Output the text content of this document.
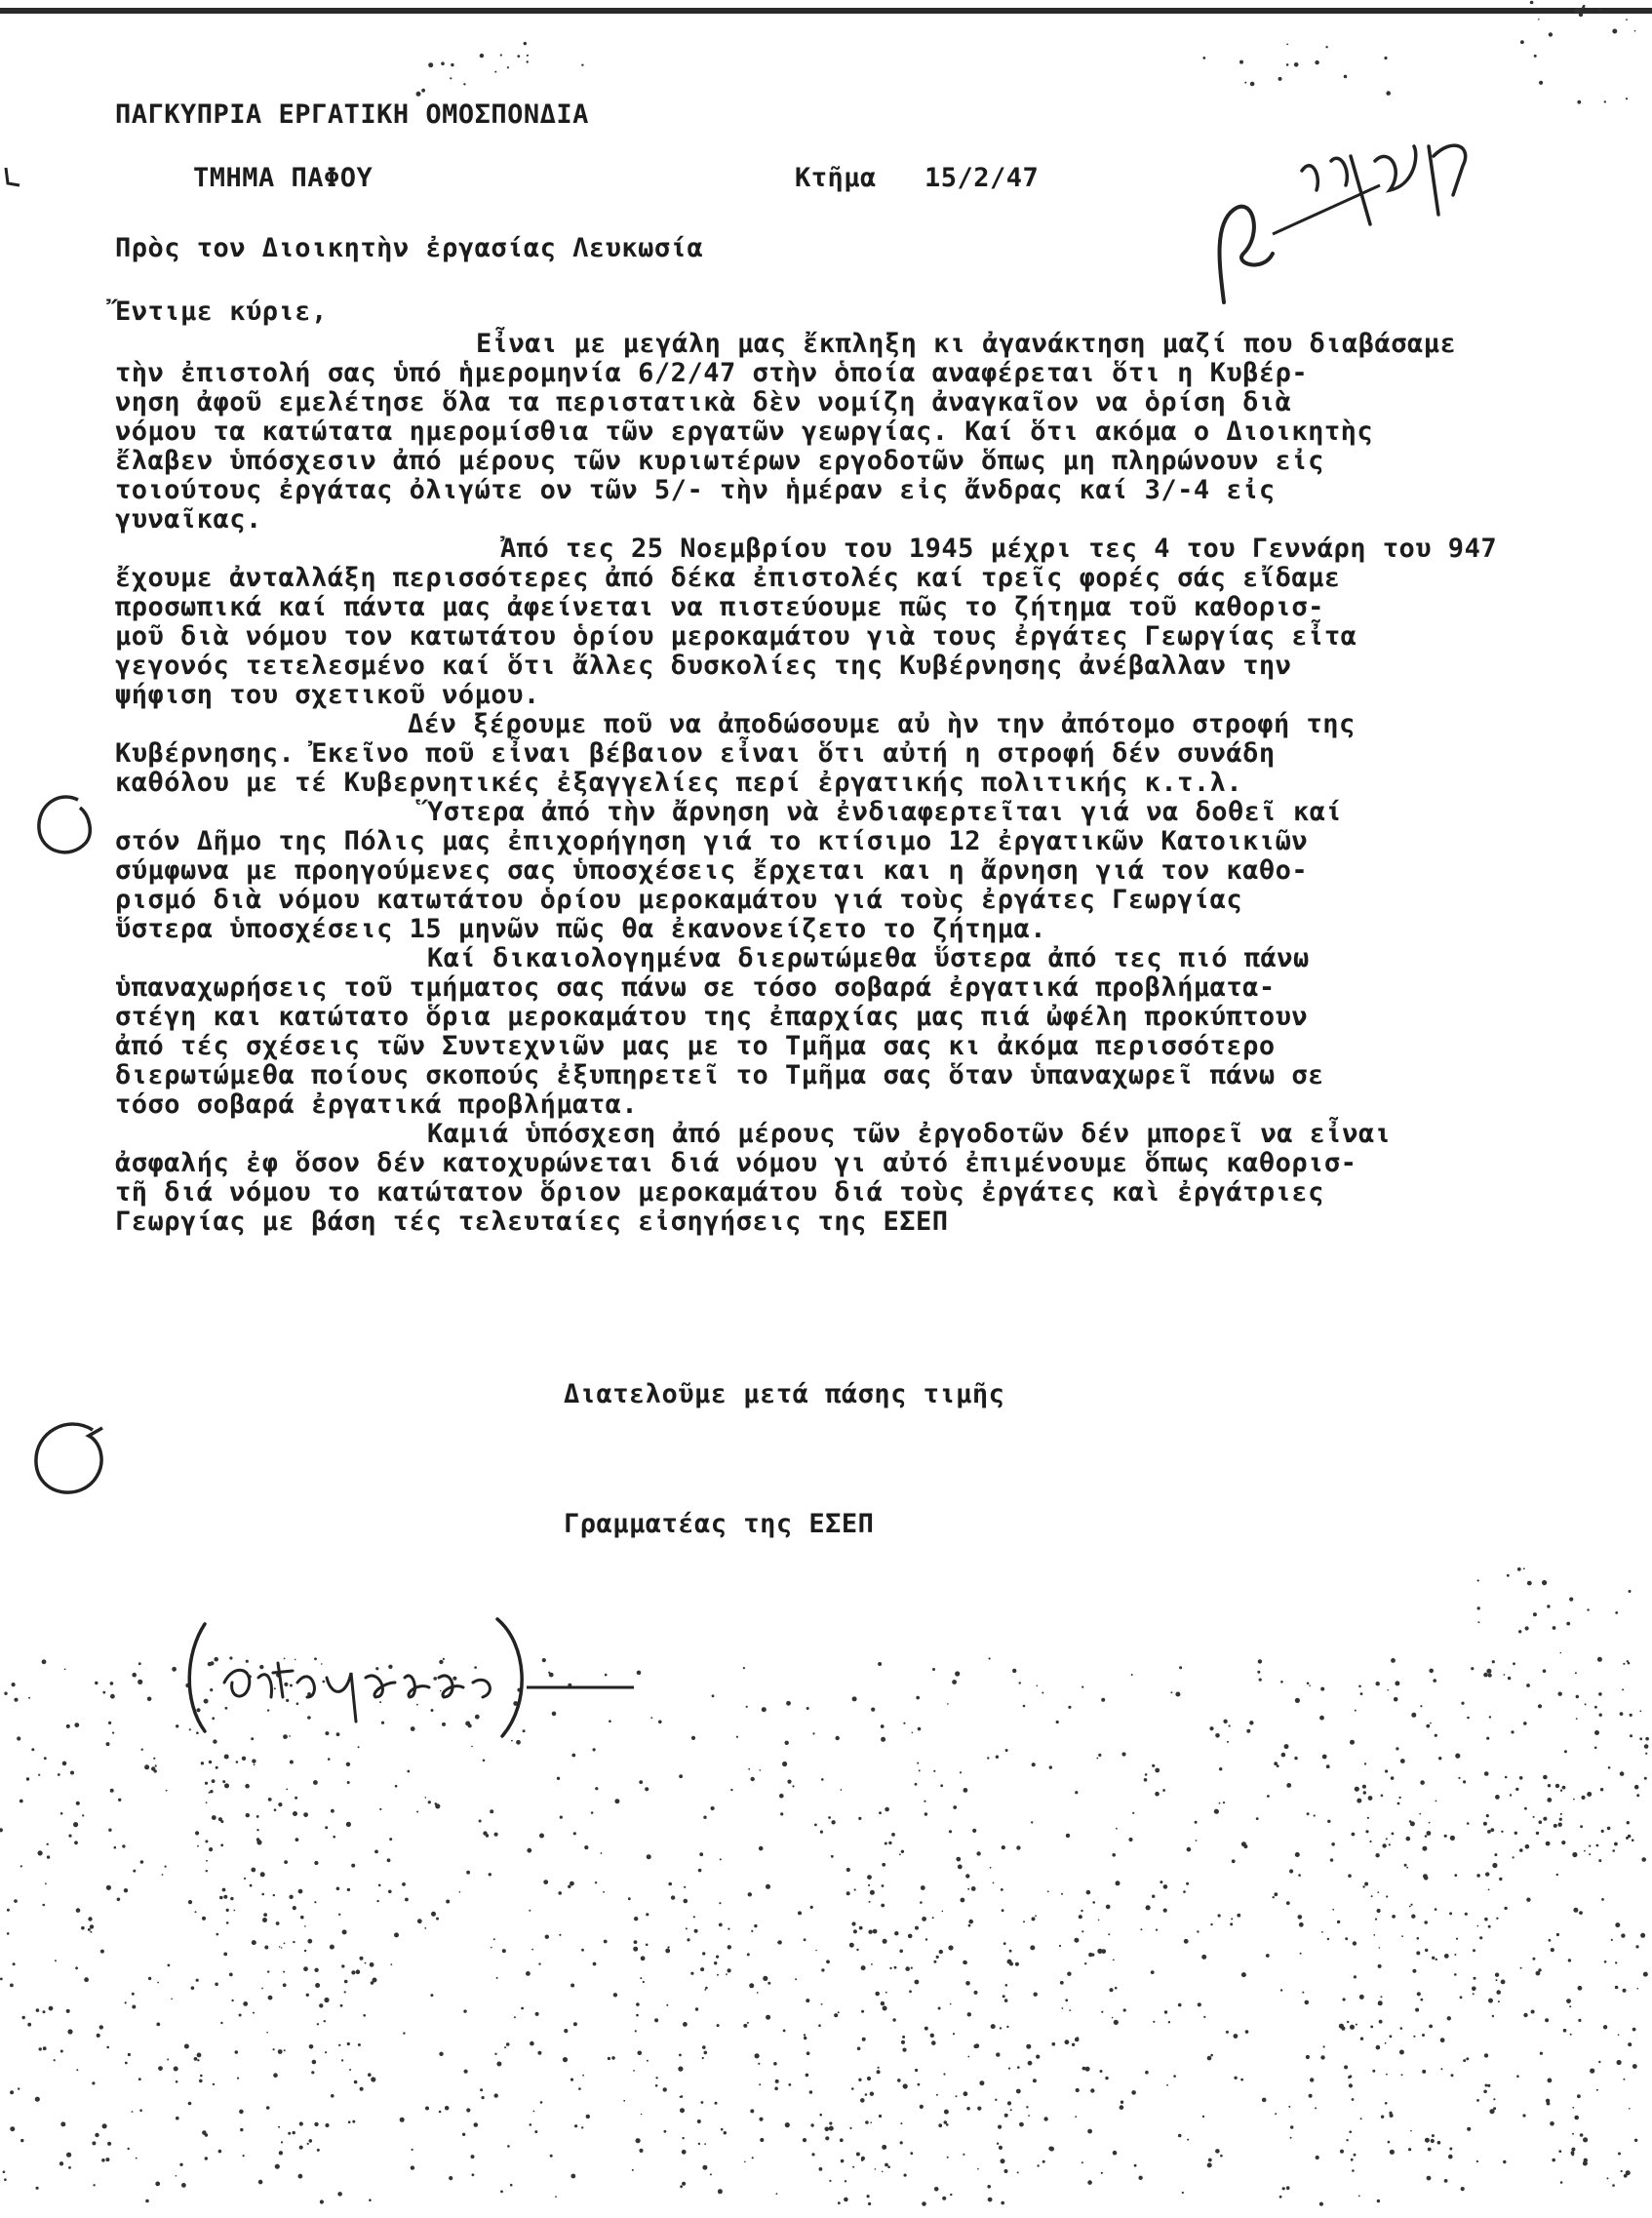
ΠΑΓΚΥΠΡΙΑ ΕΡΓΑΤΙΚΗ ΟΜΟΣΠΟΝΔΙΑ
ΤΜΗΜΑ ΠΑΦΟΥ	Κτῆμα 15/2/47
Πρὸς τον Διοικητὴν ἐργασίας Λευκωσία
Ἔντιμε κύριε,
Εἶναι με μεγάλη μας ἔκπληξη κι ἀγανάκτηση μαζί που διαβάσαμε
τὴν ἐπιστολή σας ὑπό ἡμερομηνία 6/2/47 στὴν ὁποία αναφέρεται ὅτι η Κυβέρ-
νηση ἀφοῦ εμελέτησε ὅλα τα περιστατικὰ δὲν νομίζη ἀναγκαῖον να ὁρίση διὰ
νόμου τα κατώτατα ημερομίσθια τῶν εργατῶν γεωργίας. Καί ὅτι ακόμα ο Διοικητὴς
ἔλαβεν ὑπόσχεσιν ἀπό μέρους τῶν κυριωτέρων εργοδοτῶν ὅπως μη πληρώνουν εἰς
τοιούτους ἐργάτας ὀλιγώτε ον τῶν 5/- τὴν ἡμέραν εἰς ἄνδρας καί 3/-4 εἰς
γυναῖκας.
Ἀπό τες 25 Νοεμβρίου του 1945 μέχρι τες 4 του Γεννάρη του 947
ἔχουμε ἀνταλλάξη περισσότερες ἀπό δέκα ἐπιστολές καί τρεῖς φορές σάς εἴδαμε
προσωπικά καί πάντα μας ἀφείνεται να πιστεύουμε πῶς το ζήτημα τοῦ καθορισ-
μοῦ διὰ νόμου τον κατωτάτου ὁρίου μεροκαμάτου γιὰ τους ἐργάτες Γεωργίας εἶτα
γεγονός τετελεσμένο καί ὅτι ἄλλες δυσκολίες της Κυβέρνησης ἀνέβαλλαν την
ψήφιση του σχετικοῦ νόμου.
Δέν ξέρουμε ποῦ να ἀποδώσουμε αὐ ὴν την ἀπότομο στροφή της
Κυβέρνησης. Ἐκεῖνο ποῦ εἶναι βέβαιον εἶναι ὅτι αὐτή η στροφή δέν συνάδη
καθόλου με τέ Κυβερνητικές ἐξαγγελίες περί ἐργατικής πολιτικής κ.τ.λ.
Ὕστερα ἀπό τὴν ἄρνηση νὰ ἐνδιαφερτεῖται γιά να δοθεῖ καί
στόν Δῆμο της Πόλις μας ἐπιχορήγηση γιά το κτίσιμο 12 ἐργατικῶν Κατοικιῶν
σύμφωνα με προηγούμενες σας ὑποσχέσεις ἔρχεται και η ἄρνηση γιά τον καθο-
ρισμό διὰ νόμου κατωτάτου ὁρίου μεροκαμάτου γιά τοὺς ἐργάτες Γεωργίας
ὕστερα ὑποσχέσεις 15 μηνῶν πῶς θα ἐκανονείζετο το ζήτημα.
Καί δικαιολογημένα διερωτώμεθα ὕστερα ἀπό τες πιό πάνω
ὑπαναχωρήσεις τοῦ τμήματος σας πάνω σε τόσο σοβαρά ἐργατικά προβλήματα-
στέγη και κατώτατο ὅρια μεροκαμάτου της ἐπαρχίας μας πιά ὠφέλη προκύπτουν
ἀπό τές σχέσεις τῶν Συντεχνιῶν μας με το Τμῆμα σας κι ἀκόμα περισσότερο
διερωτώμεθα ποίους σκοπούς ἐξυπηρετεῖ το Τμῆμα σας ὅταν ὑπαναχωρεῖ πάνω σε
τόσο σοβαρά ἐργατικά προβλήματα.
Καμιά ὑπόσχεση ἀπό μέρους τῶν ἐργοδοτῶν δέν μπορεῖ να εἶναι
ἀσφαλής ἐφ ὅσον δέν κατοχυρώνεται διά νόμου γι αὐτό ἐπιμένουμε ὅπως καθορισ-
τῆ διά νόμου το κατώτατον ὅριον μεροκαμάτου διά τοὺς ἐργάτες καὶ ἐργάτριες
Γεωργίας με βάση τές τελευταίες εἰσηγήσεις της ΕΣΕΠ
Διατελοῦμε μετά πάσης τιμῆς
Γραμματέας της ΕΣΕΠ
